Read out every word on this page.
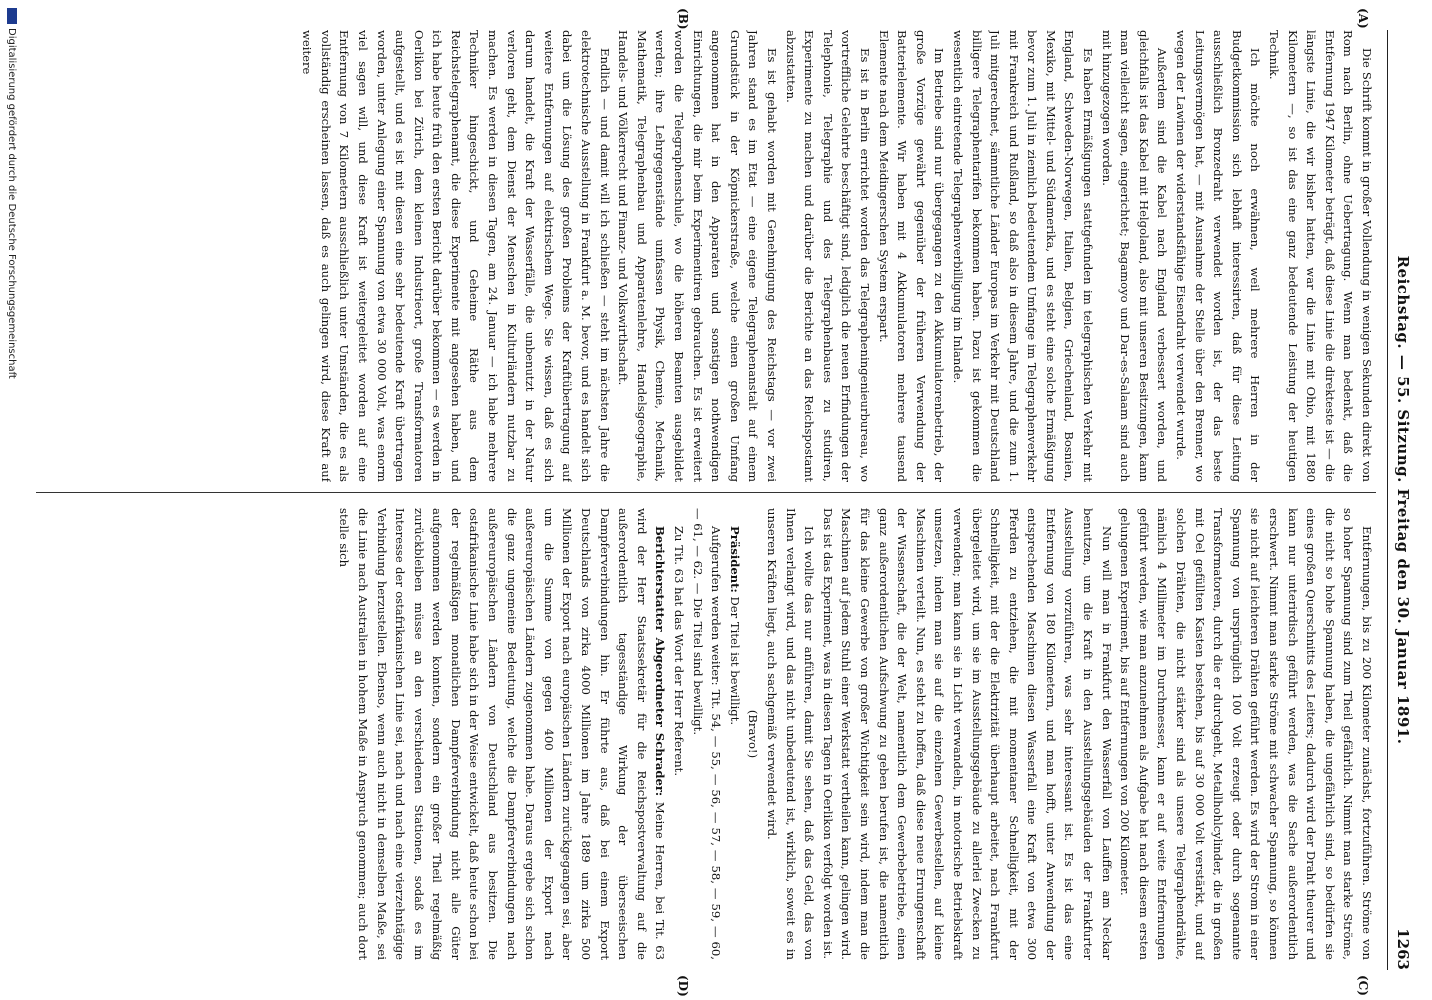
Reichstag. — 55. Sitzung. Freitag den 30. Januar 1891.
1263
(A)
(B)
(C)
(D)

Die Schrift kommt in großer Vollendung in wenigen Sekunden direkt von Rom nach Berlin, ohne Uebertragung. Wenn man bedenkt, daß die Entfernung 1947 Kilometer beträgt, daß diese Linie die direkteste ist — die längste Linie, die wir bisher hatten, war die Linie mit Ohio, mit 1880 Kilometern —, so ist das eine ganz bedeutende Leistung der heutigen Technik.

Ich möchte noch erwähnen, weil mehrere Herren in der Budgetkommission sich lebhaft interessirten, daß für diese Leitung ausschließlich Bronzedraht verwendet worden ist, der das beste Leitungsvermögen hat, — mit Ausnahme der Stelle über den Brenner, wo wegen der Lawinen der widerstandsfähige Eisendraht verwendet wurde.

Außerdem sind die Kabel nach England verbessert worden, und gleichfalls ist das Kabel mit Helgoland, also mit unseren Besitzungen, kann man vielleicht sagen, eingerichtet; Bagamoyo und Dar-es-Salaam sind auch mit hinzugezogen worden.

Es haben Ermäßigungen stattgefunden im telegraphischen Verkehr mit England, Schweden-Norwegen, Italien, Belgien, Griechenland, Bosnien, Mexiko, mit Mittel- und Südamerika, und es steht eine solche Ermäßigung bevor zum 1. Juli in ziemlich bedeutendem Umfange im Telegraphenverkehr mit Frankreich und Rußland, so daß also in diesem Jahre, und die zum 1. Juli mitgerechnet, sämmtliche Länder Europas im Verkehr mit Deutschland billigere Telegraphentarifen bekommen haben. Dazu ist gekommen die wesentlich eintretende Telegraphenverbilligung im Inlande.

Im Betriebe sind nur übergegangen zu den Akkumulatorenbetrieb, der große Vorzüge gewährt gegenüber der früheren Verwendung der Batterielemente. Wir haben mit 4 Akkumulatoren mehrere tausend Elemente nach dem Meidingerschen System erspart.

Es ist in Berlin errichtet worden das Telegrapheningenieurbureau, wo vortreffliche Gelehrte beschäftigt sind, lediglich die neuen Erfindungen der Telephonie, Telegraphie und des Telegraphenbaues zu studiren, Experimente zu machen und darüber die Berichte an das Reichspostamt abzustatten.

Es ist gehabt worden mit Genehmigung des Reichstags — vor zwei Jahren stand es im Etat — eine eigene Telegraphenanstalt auf einem Grundstück in der Köpnickerstraße, welche einen großen Umfang angenommen hat in den Apparaten und sonstigen nothwendigen Einrichtungen, die mir beim Experimentiren gebrauchen. Es ist erweitert worden die Telegraphenschule, wo die höheren Beamten ausgebildet werden; ihre Lehrgegenstände umfassen Physik, Chemie, Mechanik, Mathematik, Telegraphenbau und Apparatenlehre, Handelsgeographie, Handels- und Völkerrecht und Finanz- und Volkswirthschaft.

Endlich — und damit will ich schließen — steht im nächsten Jahre die elektrotechnische Ausstellung in Frankfurt a. M. bevor, und es handelt sich dabei um die Lösung des großen Problems der Kraftübertragung auf weitere Entfernungen auf elektrischem Wege. Sie wissen, daß es sich darum handelt, die Kraft der Wasserfälle, die unbenutzt in der Natur verloren geht, dem Dienst der Menschen in Kulturländern nutzbar zu machen. Es werden in diesen Tagen, am 24. Januar — ich habe mehrere Techniker hingeschickt, und Geheime Räthe aus dem Reichstelegraphenamt, die diese Experimente mit angesehen haben, und ich habe heute früh den ersten Bericht darüber bekommen — es werden in Oerlikon bei Zürich, dem kleinen Industrieort, große Transformatoren aufgestellt, und es ist mit diesen eine sehr bedeutende Kraft übertragen worden, unter Anlegung einer Spannung von etwa 30 000 Volt, was enorm viel sagen will, und diese Kraft ist weitergeleitet worden auf eine Entfernung von 7 Kilometern ausschließlich unter Umständen, die es als vollständig erscheinen lassen, daß es auch gelingen wird, diese Kraft auf weitere

Entfernungen, bis zu 200 Kilometer zunächst, fortzuführen. Ströme von so hoher Spannung sind zum Theil gefährlich. Nimmt man starke Ströme, die nicht so hohe Spannung haben, die ungefährlich sind, so bedürfen sie eines großen Querschnitts des Leiters; dadurch wird der Draht theurer und kann nur unterirdisch geführt werden, was die Sache außerordentlich erschwert. Nimmt man starke Ströme mit schwacher Spannung, so können sie nicht auf leichteren Drähten geführt werden. Es wird der Strom in einer Spannung von ursprünglich 100 Volt erzeugt oder durch sogenannte Transformatoren, durch die er durchgeht, Metallhohlcylinder, die in großen mit Oel gefüllten Kasten bestehen, bis auf 30 000 Volt verstärkt, und auf solchen Drähten, die nicht stärker sind als unsere Telegraphendrähte, nämlich 4 Millimeter im Durchmesser, kann er auf weite Entfernungen geführt werden, wie man anzunehmen als Aufgabe hat nach diesem ersten gelungenen Experiment, bis auf Entfernungen von 200 Kilometer.

Nun will man in Frankfurt den Wasserfall von Lauffen am Neckar benutzen, um die Kraft in den Ausstellungsgebäuden der Frankfurter Ausstellung vorzuführen, was sehr interessant ist. Es ist das eine Entfernung von 180 Kilometern, und man hofft, unter Anwendung der entsprechenden Maschinen diesen Wasserfall eine Kraft von etwa 300 Pferden zu entziehen, die mit momentaner Schnelligkeit, mit der Schnelligkeit, mit der die Elektrizität überhaupt arbeitet, nach Frankfurt übergeleitet wird, um sie im Ausstellungsgebäude zu allerlei Zwecken zu verwenden; man kann sie in Licht verwandeln, in motorische Betriebskraft umsetzen, indem man sie auf die einzelnen Gewerbestellen, auf kleine Maschinen verteilt. Nun, es steht zu hoffen, daß diese neue Errungenschaft der Wissenschaft, die der Welt, namentlich dem Gewerbebetriebe, einen ganz außerordentlichen Aufschwung zu geben berufen ist, die namentlich für das kleine Gewerbe von großer Wichtigkeit sein wird, indem man die Maschinen auf jedem Stuhl einer Werkstatt vertheilen kann, gelingen wird. Das ist das Experiment, was in diesen Tagen in Oerlikon verfolgt worden ist.

Ich wollte das nur anführen, damit Sie sehen, daß das Geld, das von Ihnen verlangt wird, und das nicht unbedeutend ist, wirklich, soweit es in unseren Kräften liegt, auch sachgemäß verwendet wird.

(Bravo!)

Präsident: Der Titel ist bewilligt.

Aufgerufen werden weiter: Tit. 54, — 55, — 56, — 57, — 58, — 59, — 60, — 61, — 62. — Die Titel sind bewilligt.

Zu Tit. 63 hat das Wort der Herr Referent.

Berichterstatter Abgeordneter Schrader: Meine Herren, bei Tit. 63 wird der Herr Staatssekretär für die Reichspostverwaltung auf die außerordentlich tagesständige Wirkung der überseeischen Dampferverbindungen hin. Er führte aus, daß bei einem Export Deutschlands von zirka 4000 Millionen im Jahre 1889 um zirka 500 Millionen der Export nach europäischen Ländern zurückgegangen sei, aber um die Summe von gegen 400 Millionen der Export nach außereuropäischen Ländern zugenommen habe. Daraus ergebe sich schon die ganz ungemeine Bedeutung, welche die Dampferverbindungen nach außereuropäischen Ländern von Deutschland aus besitzen. Die ostafrikanische Linie habe sich in der Weise entwickelt, daß heute schon bei der regelmäßigen monatlichen Dampferverbindung nicht alle Güter aufgenommen werden konnten, sondern ein großer Theil regelmäßig zurückbleiben müsse an den verschiedenen Stationen, sodaß es im Interesse der ostafrikanischen Linie sei, nach und nach eine vierzehntägige Verbindung herzustellen. Ebenso, wenn auch nicht in demselben Maße, sei die Linie nach Australien in hohem Maße in Anspruch genommen; auch dort stelle sich

Digitalisierung gefördert durch die Deutsche Forschungsgemeinschaft
